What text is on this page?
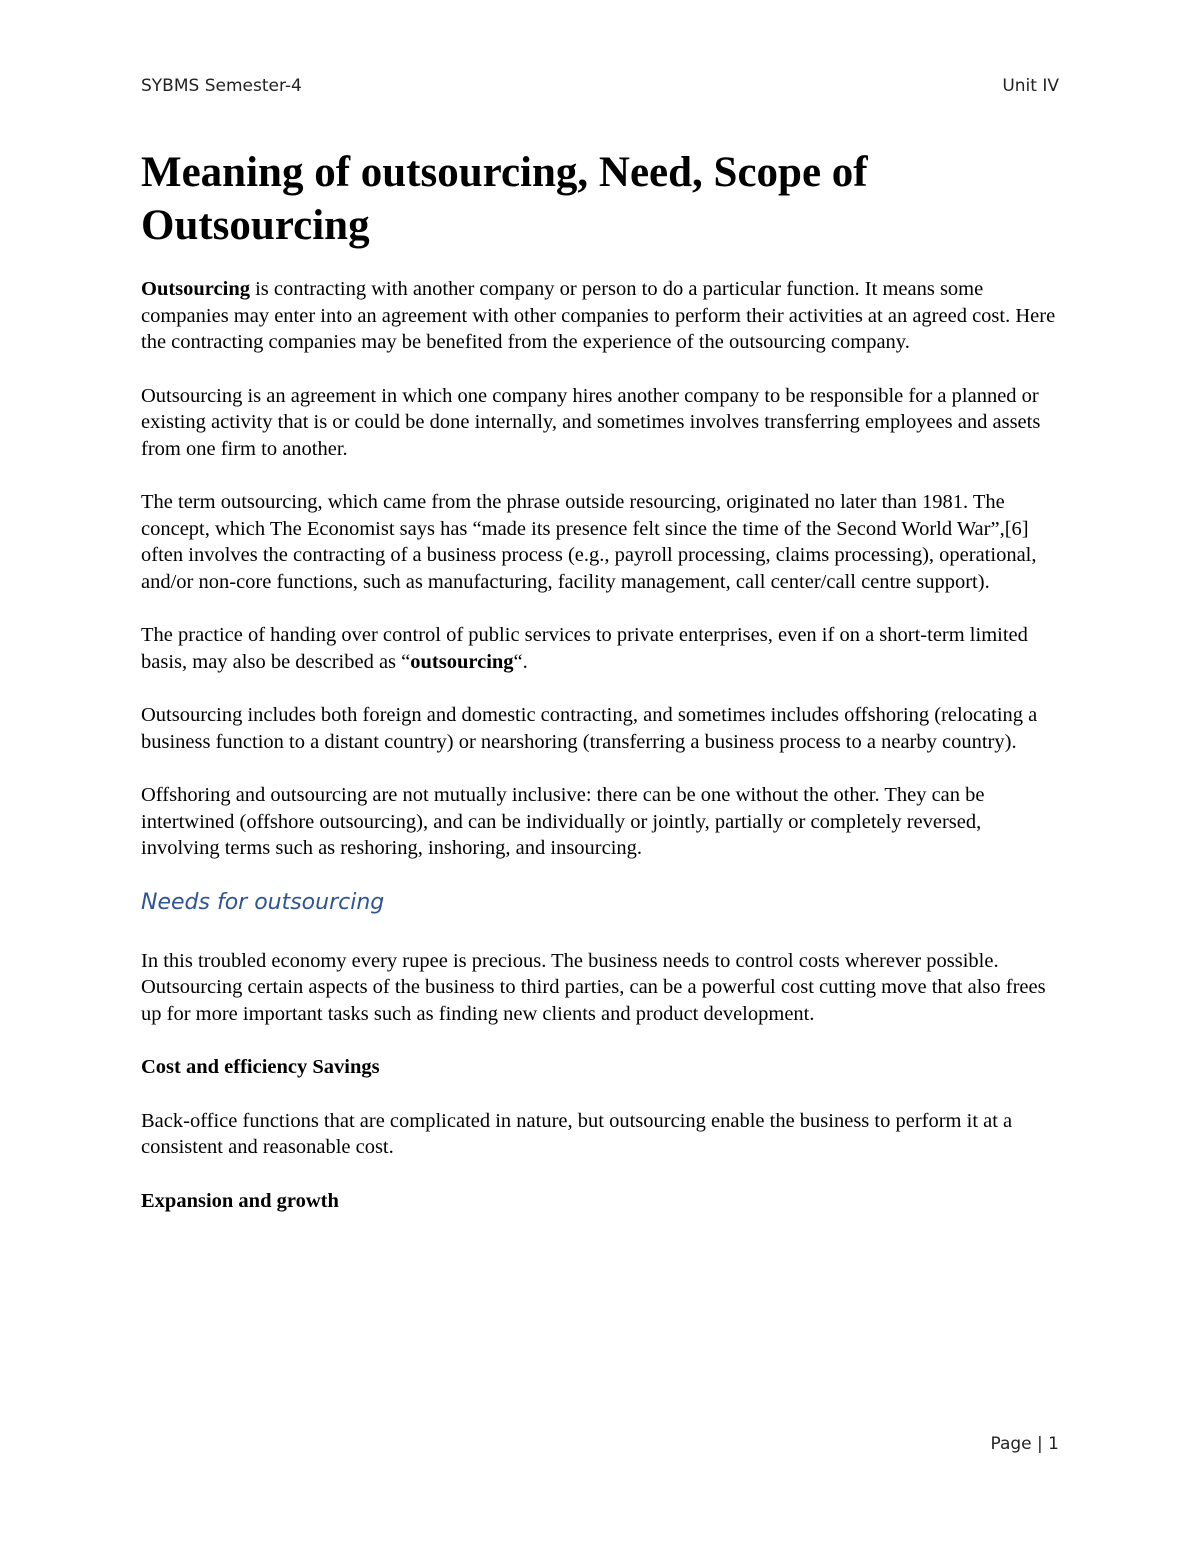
SYBMS Semester-4	Unit IV
Meaning of outsourcing, Need, Scope of Outsourcing

Outsourcing is contracting with another company or person to do a particular function. It means some companies may enter into an agreement with other companies to perform their activities at an agreed cost. Here the contracting companies may be benefited from the experience of the outsourcing company.

Outsourcing is an agreement in which one company hires another company to be responsible for a planned or existing activity that is or could be done internally, and sometimes involves transferring employees and assets from one firm to another.

The term outsourcing, which came from the phrase outside resourcing, originated no later than 1981. The concept, which The Economist says has “made its presence felt since the time of the Second World War”,[6] often involves the contracting of a business process (e.g., payroll processing, claims processing), operational, and/or non-core functions, such as manufacturing, facility management, call center/call centre support).

The practice of handing over control of public services to private enterprises, even if on a short-term limited basis, may also be described as “outsourcing“.

Outsourcing includes both foreign and domestic contracting, and sometimes includes offshoring (relocating a business function to a distant country) or nearshoring (transferring a business process to a nearby country).

Offshoring and outsourcing are not mutually inclusive: there can be one without the other. They can be intertwined (offshore outsourcing), and can be individually or jointly, partially or completely reversed, involving terms such as reshoring, inshoring, and insourcing.

Needs for outsourcing

In this troubled economy every rupee is precious. The business needs to control costs wherever possible. Outsourcing certain aspects of the business to third parties, can be a powerful cost cutting move that also frees up for more important tasks such as finding new clients and product development.

Cost and efficiency Savings

Back-office functions that are complicated in nature, but outsourcing enable the business to perform it at a consistent and reasonable cost.

Expansion and growth
Page | 1
